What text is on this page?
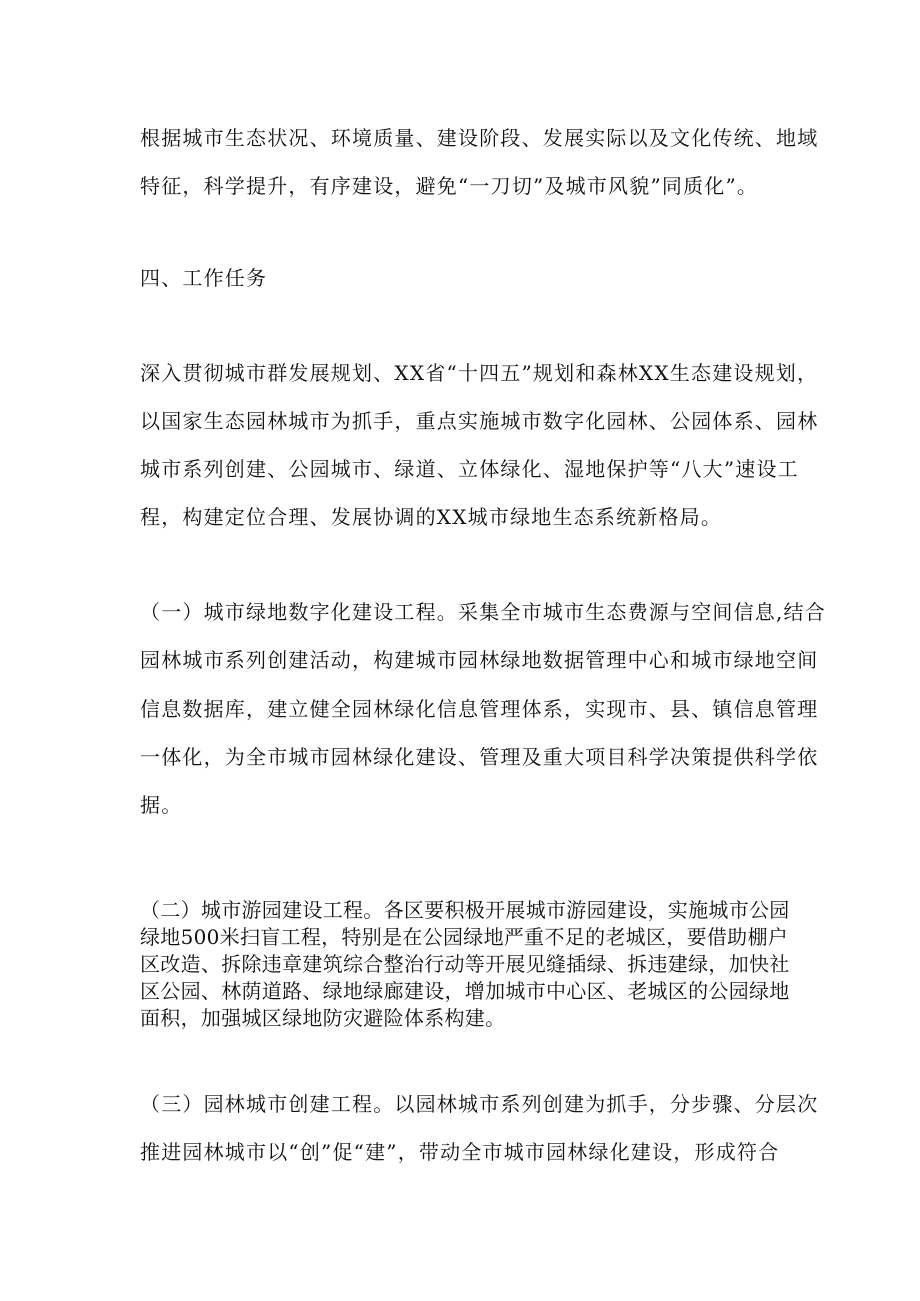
根据城市生态状况、环境质量、建设阶段、发展实际以及文化传统、地域
特征，科学提升，有序建设，避免“一刀切”及城市风貌”同质化”。
四、工作任务
深入贯彻城市群发展规划、XX省“十四五”规划和森林XX生态建设规划，
以国家生态园林城市为抓手，重点实施城市数字化园林、公园体系、园林
城市系列创建、公园城市、绿道、立体绿化、湿地保护等“八大”速设工
程，构建定位合理、发展协调的XX城市绿地生态系统新格局。
（一）城市绿地数字化建设工程。采集全市城市生态费源与空间信息,结合
园林城市系列创建活动，构建城市园林绿地数据管理中心和城市绿地空间
信息数据库，建立健全园林绿化信息管理体系，实现市、县、镇信息管理
一体化，为全市城市园林绿化建设、管理及重大项目科学决策提供科学依
据。
（二）城市游园建设工程。各区要积极开展城市游园建设，实施城市公园
绿地500米扫盲工程，特别是在公园绿地严重不足的老城区，要借助棚户
区改造、拆除违章建筑综合整治行动等开展见缝插绿、拆违建绿，加快社
区公园、林荫道路、绿地绿廊建设，增加城市中心区、老城区的公园绿地
面积，加强城区绿地防灾避险体系构建。
（三）园林城市创建工程。以园林城市系列创建为抓手，分步骤、分层次
推进园林城市以“创”促“建”，带动全市城市园林绿化建设，形成符合
